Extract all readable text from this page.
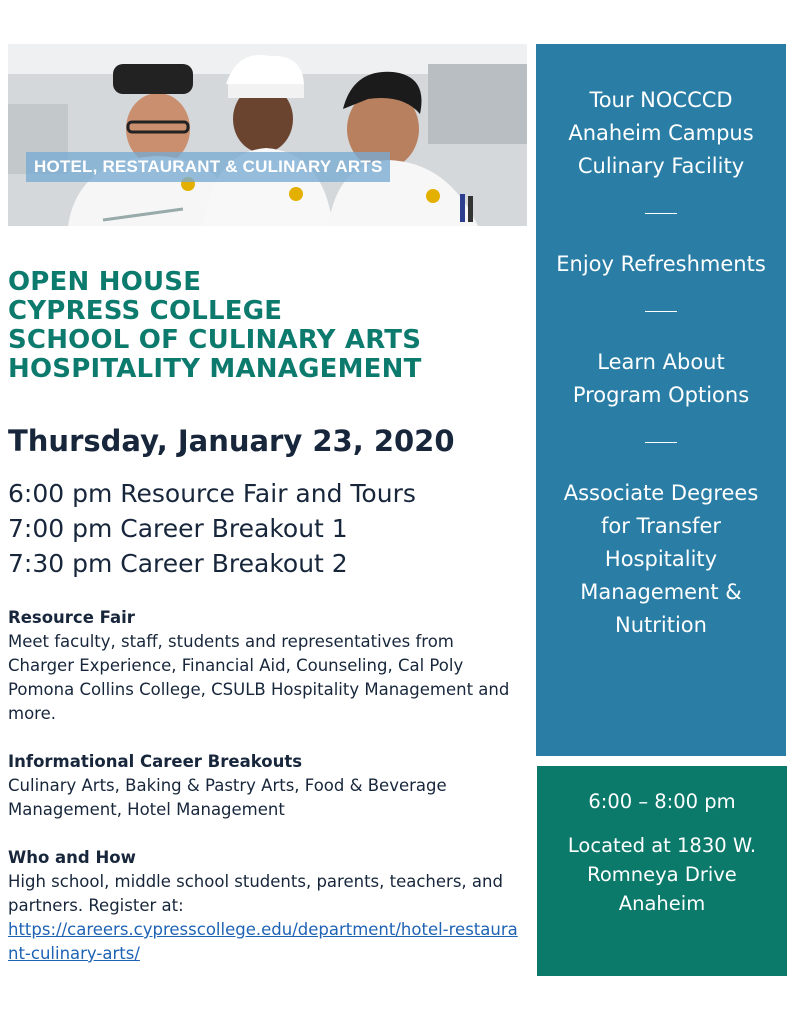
HOTEL, RESTAURANT & CULINARY ARTS
OPEN HOUSE
CYPRESS COLLEGE
SCHOOL OF CULINARY ARTS
HOSPITALITY MANAGEMENT
Thursday, January 23, 2020
6:00 pm Resource Fair and Tours
7:00 pm Career Breakout 1
7:30 pm Career Breakout 2
Resource Fair

Meet faculty, staff, students and representatives from Charger Experience, Financial Aid, Counseling, Cal Poly Pomona Collins College, CSULB Hospitality Management and more.

Informational Career Breakouts

Culinary Arts, Baking & Pastry Arts, Food & Beverage Management, Hotel Management

Who and How

High school, middle school students, parents, teachers, and partners. Register at:

https://careers.cypresscollege.edu/department/hotel-restaurant-culinary-arts/

Tour NOCCCD Anaheim Campus Culinary Facility
Enjoy Refreshments
Learn About Program Options
Associate Degrees for Transfer Hospitality Management & Nutrition
6:00 – 8:00 pm
Located at 1830 W. Romneya Drive Anaheim
